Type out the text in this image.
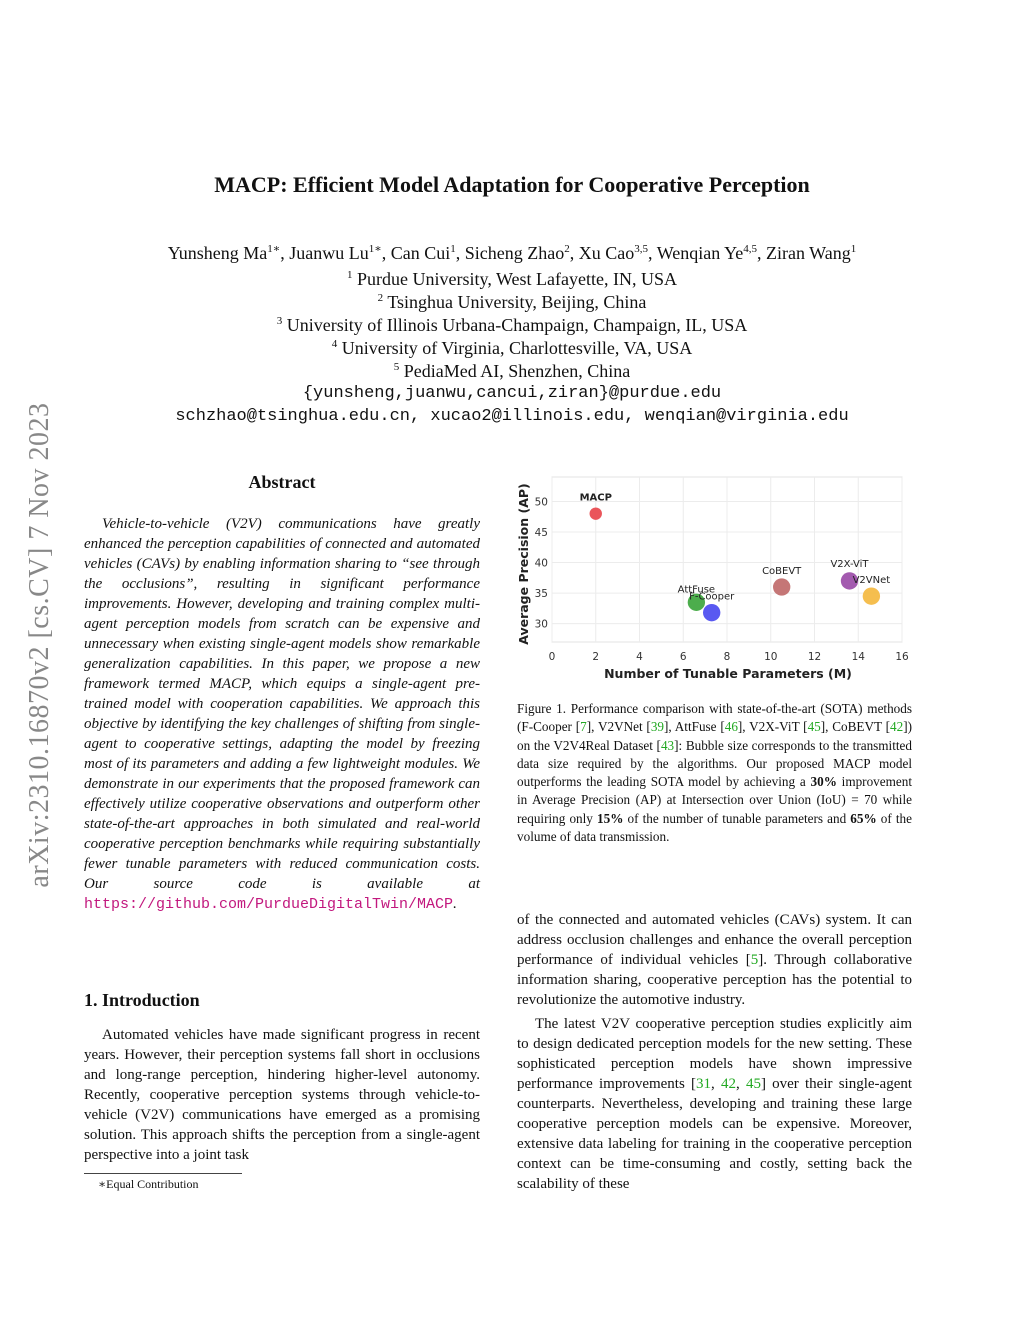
arXiv:2310.16870v2 [cs.CV] 7 Nov 2023
MACP: Efficient Model Adaptation for Cooperative Perception
Yunsheng $Ma^{1∗}$, Juanwu $Lu^{1∗}$, Can Cui$^1$, Sicheng Zhao$^2$, Xu Cao$^{3,5}$, Wenqian Ye$^{4,5}$, Ziran Wang$^1$
$^1$ Purdue University, West Lafayette, IN, USA
$^2$ Tsinghua University, Beijing, China
$^3$ University of Illinois Urbana-Champaign, Champaign, IL, USA
$^4$ University of Virginia, Charlottesville, VA, USA
$^5$ PediaMed AI, Shenzhen, China
{yunsheng,juanwu,cancui,ziran}@purdue.edu
schzhao@tsinghua.edu.cn, xucao2@illinois.edu, wenqian@virginia.edu
Abstract
Vehicle-to-vehicle (V2V) communications have greatly enhanced the perception capabilities of connected and automated vehicles (CAVs) by enabling information sharing to “see through the occlusions”, resulting in significant performance improvements. However, developing and training complex multi-agent perception models from scratch can be expensive and unnecessary when existing single-agent models show remarkable generalization capabilities. In this paper, we propose a new framework termed MACP, which equips a single-agent pre-trained model with cooperation capabilities. We approach this objective by identifying the key challenges of shifting from single-agent to cooperative settings, adapting the model by freezing most of its parameters and adding a few lightweight modules. We demonstrate in our experiments that the proposed framework can effectively utilize cooperative observations and outperform other state-of-the-art approaches in both simulated and real-world cooperative perception benchmarks while requiring substantially fewer tunable parameters with reduced communication costs. Our source code is available at https://github.com/PurdueDigitalTwin/MACP.
1. Introduction
Automated vehicles have made significant progress in recent years. However, their perception systems fall short in occlusions and long-range perception, hindering higher-level autonomy. Recently, cooperative perception systems through vehicle-to-vehicle (V2V) communications have emerged as a promising solution. This approach shifts the perception from a single-agent perspective into a joint task
∗Equal Contribution
0	2	4	6	8	10	12	14	16
30
35
40
45
50	MACP
AttFuse
F-Cooper
CoBEVT
V2X-ViT
V2VNet
Number of Tunable Parameters (M)
Average Precision (AP)
Figure 1. Performance comparison with state-of-the-art (SOTA) methods (F-Cooper [7], V2VNet [39], AttFuse [46], V2X-ViT [45], CoBEVT [42]) on the V2V4Real Dataset [43]: Bubble size corresponds to the transmitted data size required by the algorithms. Our proposed MACP model outperforms the leading SOTA model by achieving a 30% improvement in Average Precision (AP) at Intersection over Union (IoU) = 70 while requiring only 15% of the number of tunable parameters and 65% of the volume of data transmission.
of the connected and automated vehicles (CAVs) system. It can address occlusion challenges and enhance the overall perception performance of individual vehicles [5]. Through collaborative information sharing, cooperative perception has the potential to revolutionize the automotive industry.
The latest V2V cooperative perception studies explicitly aim to design dedicated perception models for the new setting. These sophisticated perception models have shown impressive performance improvements [31, 42, 45] over their single-agent counterparts. Nevertheless, developing and training these large cooperative perception models can be expensive. Moreover, extensive data labeling for training in the cooperative perception context can be time-consuming and costly, setting back the scalability of these
